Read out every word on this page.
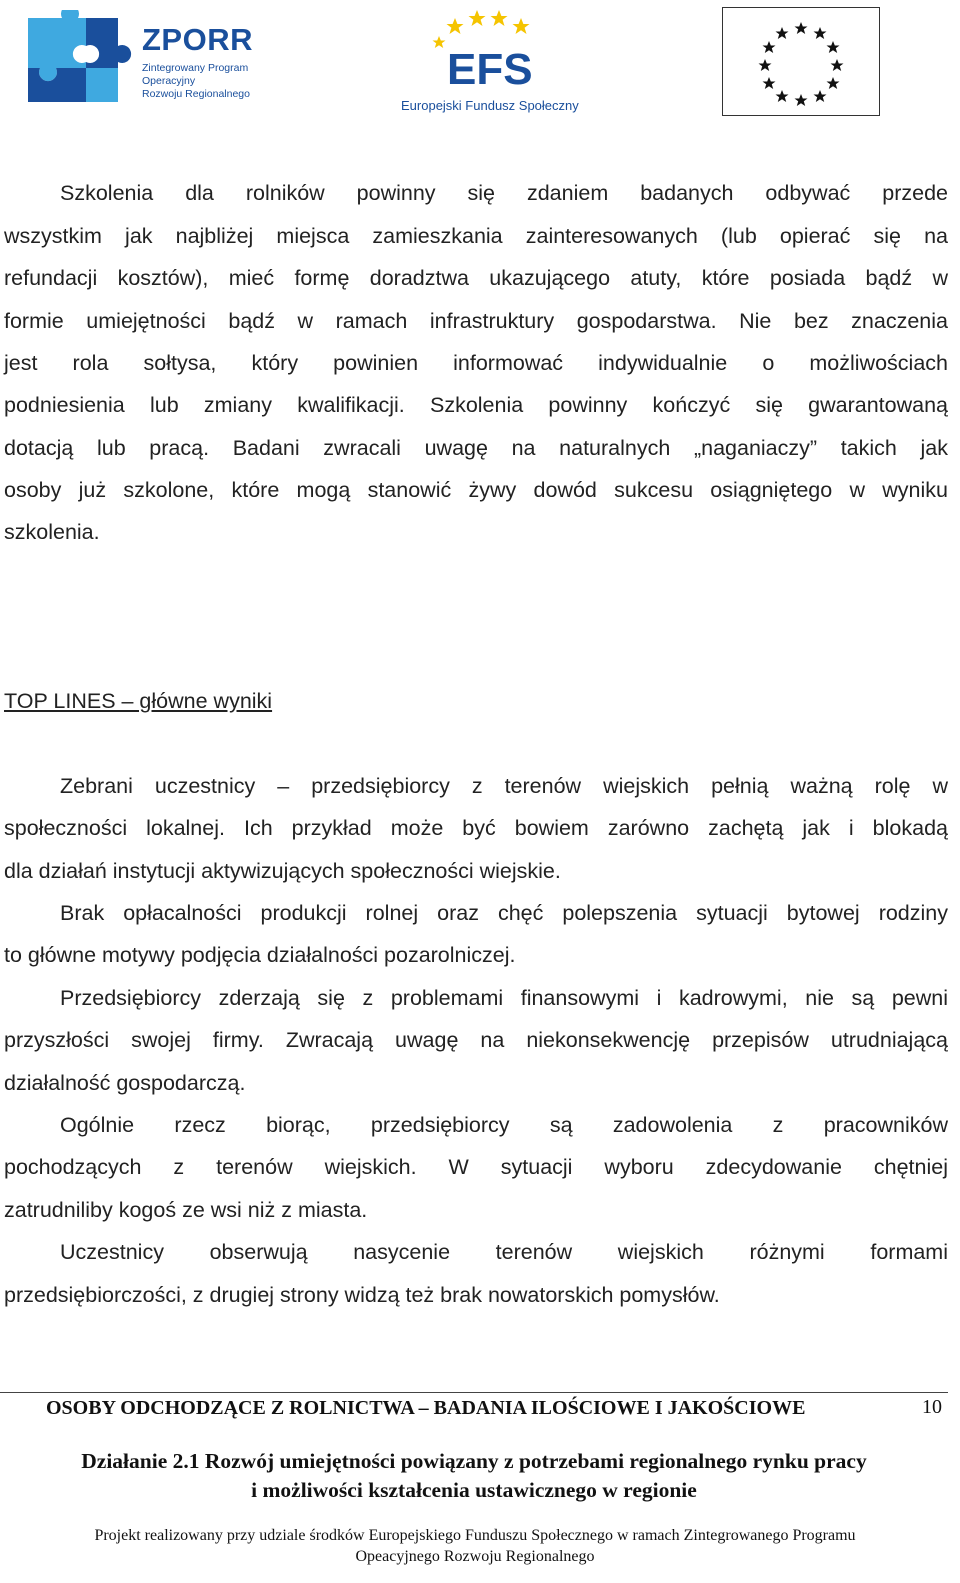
ZPORR
Zintegrowany Program
Operacyjny
Rozwoju Regionalnego	EFS
Europejski Fundusz Społeczny
Szkolenia dla rolników powinny się zdaniem badanych odbywać przede
wszystkim jak najbliżej miejsca zamieszkania zainteresowanych (lub opierać się na
refundacji kosztów), mieć formę doradztwa ukazującego atuty, które posiada bądź w
formie umiejętności bądź w ramach infrastruktury gospodarstwa. Nie bez znaczenia
jest rola sołtysa, który powinien informować indywidualnie o możliwościach
podniesienia lub zmiany kwalifikacji. Szkolenia powinny kończyć się gwarantowaną
dotacją lub pracą. Badani zwracali uwagę na naturalnych „naganiaczy” takich jak
osoby już szkolone, które mogą stanowić żywy dowód sukcesu osiągniętego w wyniku
szkolenia.
TOP LINES – główne wyniki
Zebrani uczestnicy – przedsiębiorcy z terenów wiejskich pełnią ważną rolę w
społeczności lokalnej. Ich przykład może być bowiem zarówno zachętą jak i blokadą
dla działań instytucji aktywizujących społeczności wiejskie.
Brak opłacalności produkcji rolnej oraz chęć polepszenia sytuacji bytowej rodziny
to główne motywy podjęcia działalności pozarolniczej.
Przedsiębiorcy zderzają się z problemami finansowymi i kadrowymi, nie są pewni
przyszłości swojej firmy. Zwracają uwagę na niekonsekwencję przepisów utrudniającą
działalność gospodarczą.
Ogólnie rzecz biorąc, przedsiębiorcy są zadowolenia z pracowników
pochodzących z terenów wiejskich. W sytuacji wyboru zdecydowanie chętniej
zatrudniliby kogoś ze wsi niż z miasta.
Uczestnicy obserwują nasycenie terenów wiejskich różnymi formami
przedsiębiorczości, z drugiej strony widzą też brak nowatorskich pomysłów.
OSOBY ODCHODZĄCE Z ROLNICTWA – BADANIA ILOŚCIOWE I JAKOŚCIOWE	10
Działanie 2.1 Rozwój umiejętności powiązany z potrzebami regionalnego rynku pracy
i możliwości kształcenia ustawicznego w regionie
Projekt realizowany przy udziale środków Europejskiego Funduszu Społecznego w ramach Zintegrowanego Programu
Opeacyjnego Rozwoju Regionalnego
